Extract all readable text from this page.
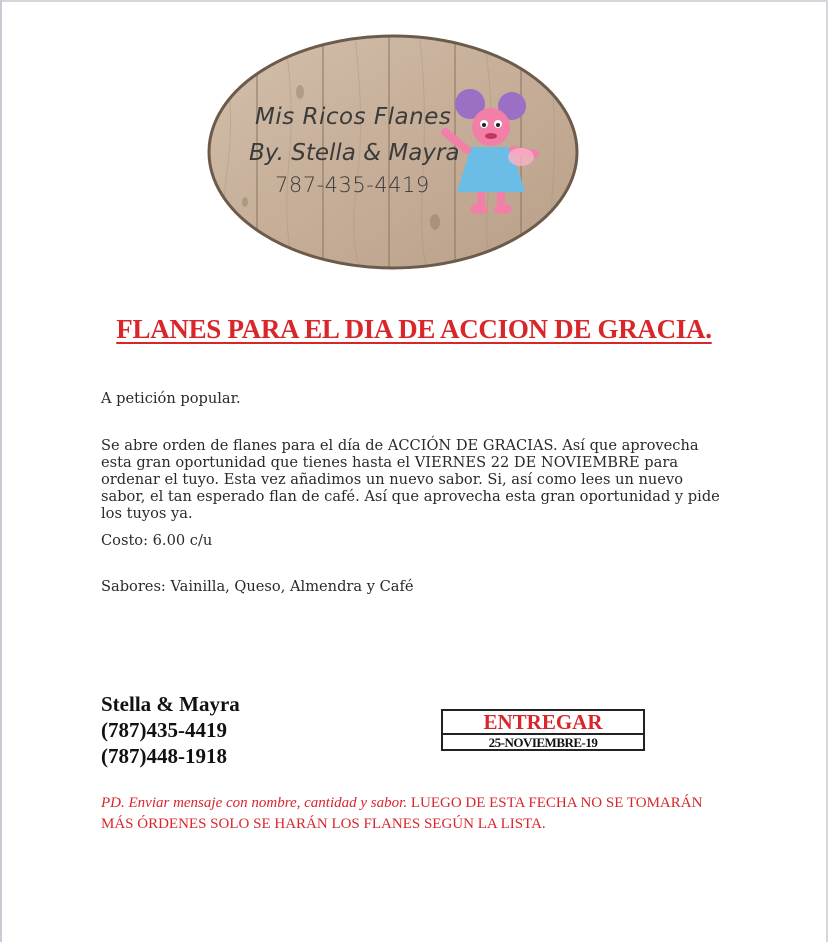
Mis Ricos Flanes
By. Stella & Mayra
787-435-4419
FLANES PARA EL DIA DE ACCION DE GRACIA.
A petición popular.
Se abre orden de flanes para el día de ACCIÓN DE GRACIAS. Así que aprovecha esta gran oportunidad que tienes hasta el VIERNES 22 DE NOVIEMBRE para ordenar el tuyo. Esta vez añadimos un nuevo sabor. Si, así como lees un nuevo sabor, el tan esperado flan de café. Así que aprovecha esta gran oportunidad y pide los tuyos ya.
Costo: 6.00 c/u
Sabores: Vainilla, Queso, Almendra y Café
Stella & Mayra
(787)435-4419
(787)448-1918
ENTREGAR
25-NOVIEMBRE-19
PD. Enviar mensaje con nombre, cantidad y sabor. LUEGO DE ESTA FECHA NO SE TOMARÁN MÁS ÓRDENES SOLO SE HARÁN LOS FLANES SEGÚN LA LISTA.
